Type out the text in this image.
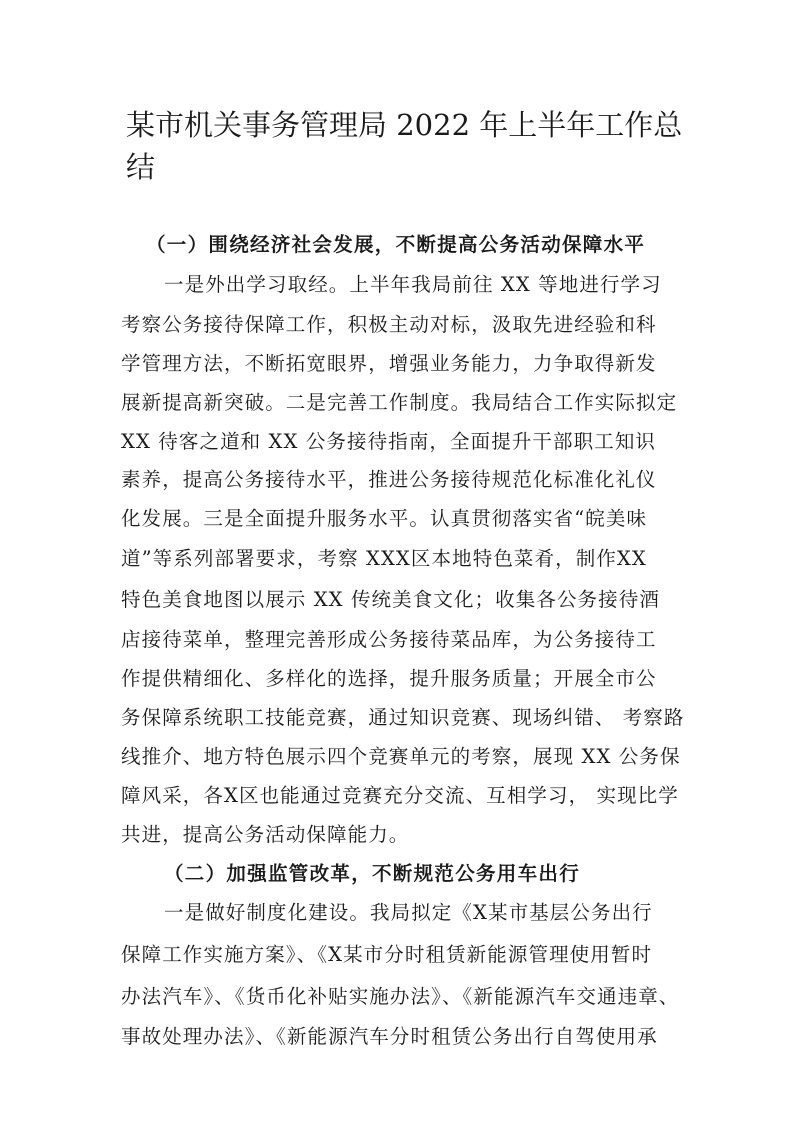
某市机关事务管理局 2022 年上半年工作总结
（一）围绕经济社会发展，不断提高公务活动保障水平
一是外出学习取经。上半年我局前往 XX 等地进行学习
考察公务接待保障工作，积极主动对标，汲取先进经验和科
学管理方法，不断拓宽眼界，增强业务能力，力争取得新发
展新提高新突破。二是完善工作制度。我局结合工作实际拟定
XX 待客之道和 XX 公务接待指南，全面提升干部职工知识
素养，提高公务接待水平，推进公务接待规范化标准化礼仪
化发展。三是全面提升服务水平。认真贯彻落实省“皖美味
道”等系列部署要求，考察 XXX区本地特色菜肴，制作XX
特色美食地图以展示 XX 传统美食文化；收集各公务接待酒
店接待菜单，整理完善形成公务接待菜品库，为公务接待工
作提供精细化、多样化的选择，提升服务质量；开展全市公
务保障系统职工技能竞赛，通过知识竞赛、现场纠错、 考察路
线推介、地方特色展示四个竞赛单元的考察，展现 XX 公务保
障风采，各X区也能通过竞赛充分交流、互相学习， 实现比学
共进，提高公务活动保障能力。
（二）加强监管改革，不断规范公务用车出行
一是做好制度化建设。我局拟定《X某市基层公务出行
保障工作实施方案》、《X某市分时租赁新能源管理使用暂时
办法汽车》、《货币化补贴实施办法》、《新能源汽车交通违章、
事故处理办法》、《新能源汽车分时租赁公务出行自驾使用承
